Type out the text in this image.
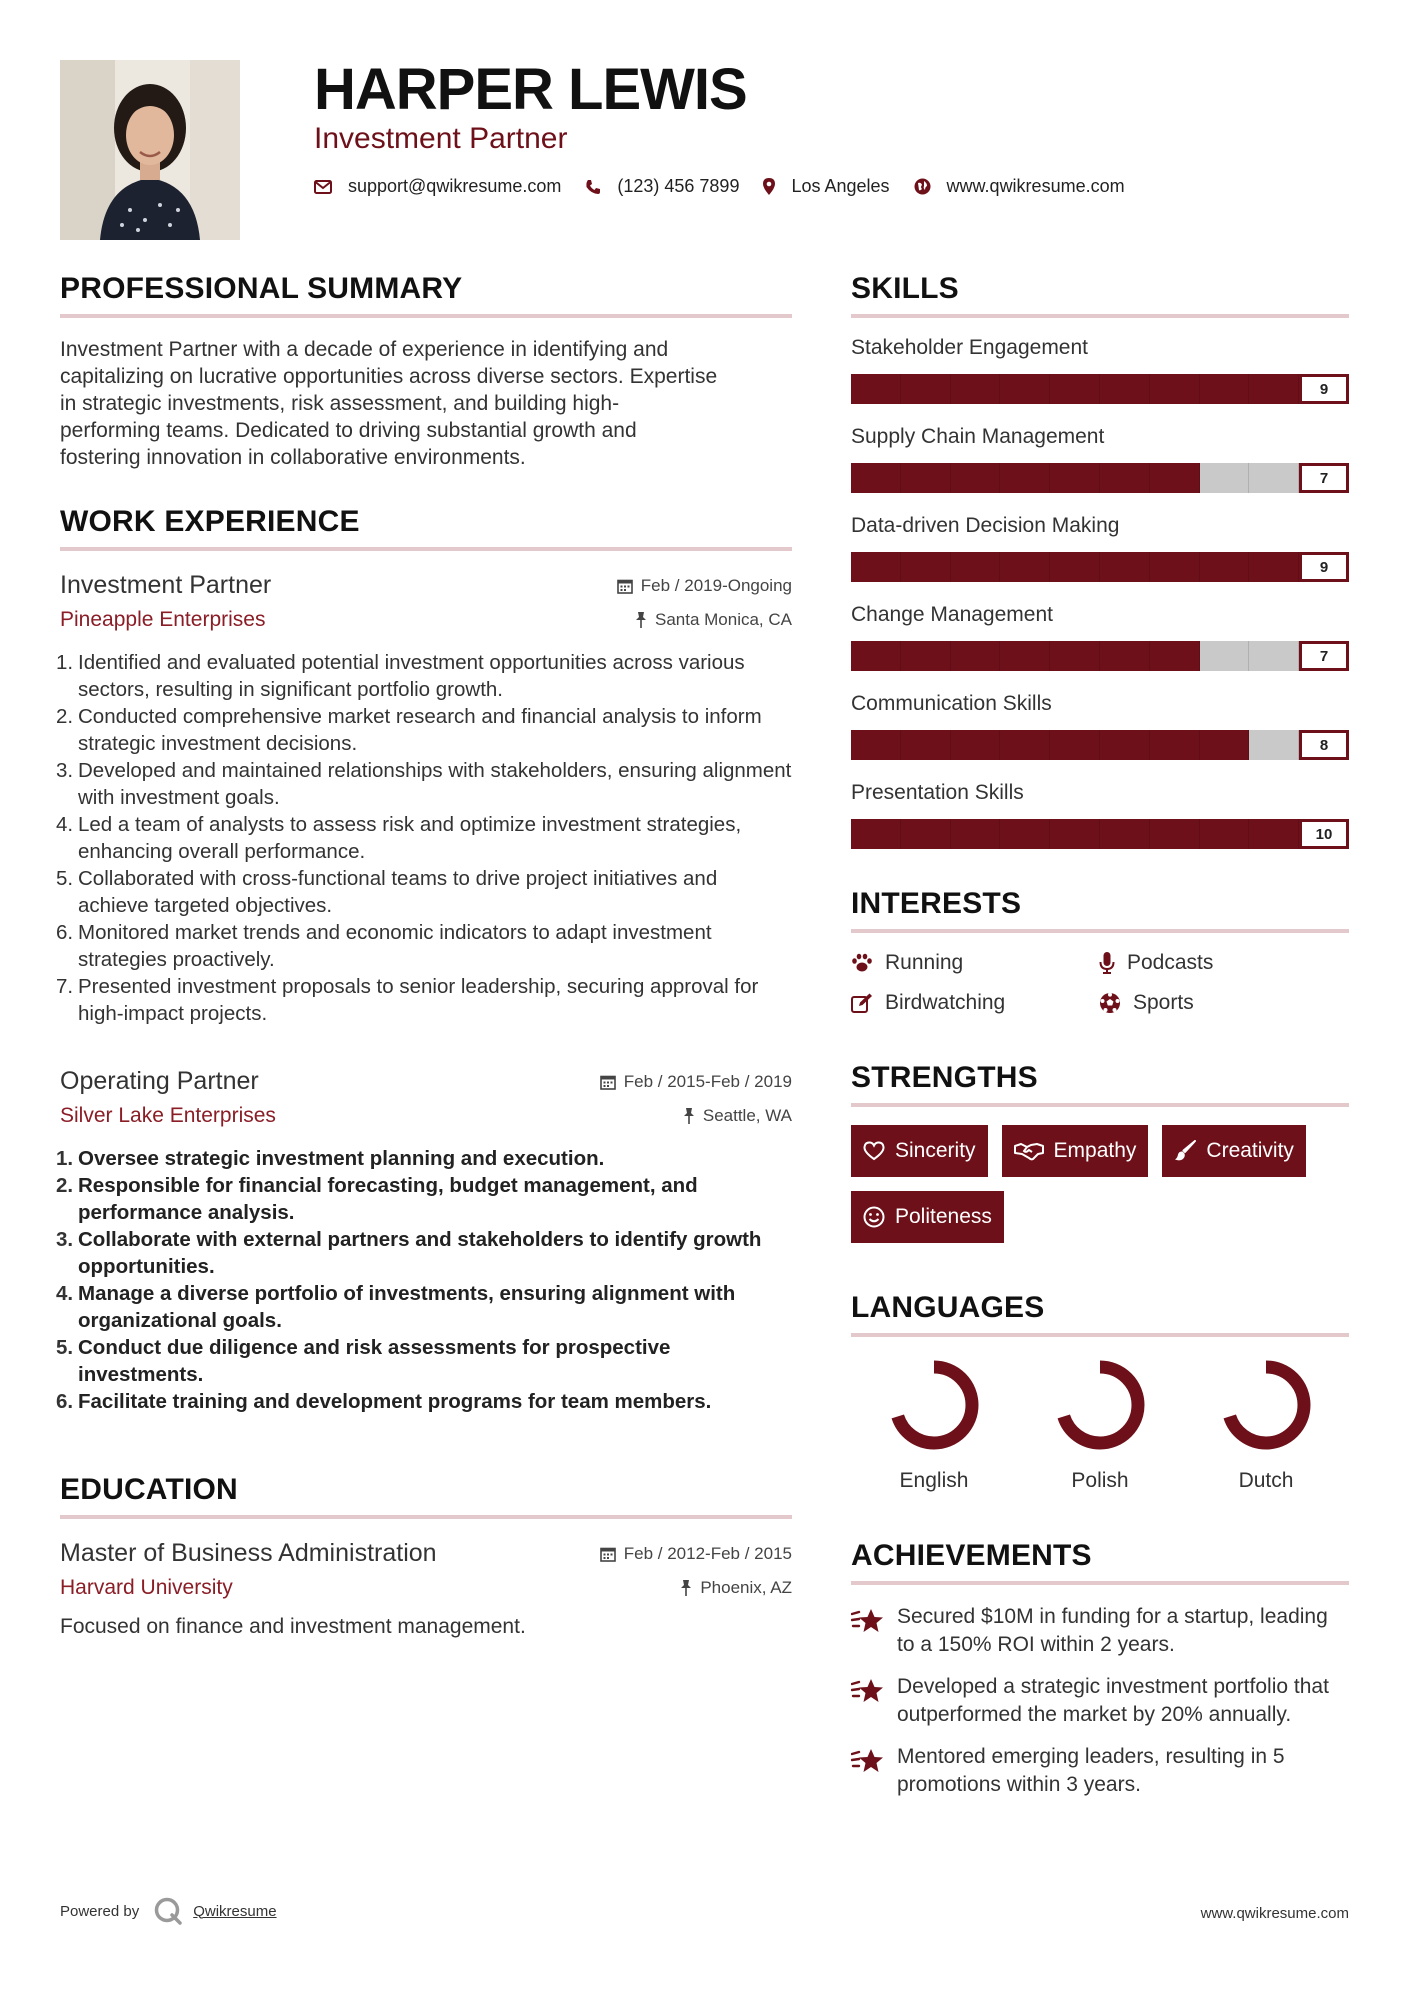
HARPER LEWIS
Investment Partner
support@qwikresume.com	(123) 456 7899	Los Angeles	www.qwikresume.com
PROFESSIONAL SUMMARY
Investment Partner with a decade of experience in identifying and
capitalizing on lucrative opportunities across diverse sectors. Expertise
in strategic investments, risk assessment, and building high-
performing teams. Dedicated to driving substantial growth and
fostering innovation in collaborative environments.
WORK EXPERIENCE
Investment Partner
Pineapple Enterprises
Feb / 2019-Ongoing
Santa Monica, CA
1. Identified and evaluated potential investment opportunities across various sectors, resulting in significant portfolio growth.
2. Conducted comprehensive market research and financial analysis to inform strategic investment decisions.
3. Developed and maintained relationships with stakeholders, ensuring alignment with investment goals.
4. Led a team of analysts to assess risk and optimize investment strategies, enhancing overall performance.
5. Collaborated with cross-functional teams to drive project initiatives and achieve targeted objectives.
6. Monitored market trends and economic indicators to adapt investment strategies proactively.
7. Presented investment proposals to senior leadership, securing approval for high-impact projects.
Operating Partner
Silver Lake Enterprises
Feb / 2015-Feb / 2019
Seattle, WA
1. Oversee strategic investment planning and execution.
2. Responsible for financial forecasting, budget management, and performance analysis.
3. Collaborate with external partners and stakeholders to identify growth opportunities.
4. Manage a diverse portfolio of investments, ensuring alignment with organizational goals.
5. Conduct due diligence and risk assessments for prospective investments.
6. Facilitate training and development programs for team members.
EDUCATION
Master of Business Administration
Harvard University
Feb / 2012-Feb / 2015
Phoenix, AZ
Focused on finance and investment management.
SKILLS
Stakeholder Engagement
9
Supply Chain Management
7
Data-driven Decision Making
9
Change Management
7
Communication Skills
8
Presentation Skills
10
INTERESTS
Running	Podcasts
Birdwatching	Sports
STRENGTHS
Sincerity	Empathy	Creativity
Politeness
LANGUAGES
English	Polish	Dutch
ACHIEVEMENTS
Secured $10M in funding for a startup, leading to a 150% ROI within 2 years.
Developed a strategic investment portfolio that outperformed the market by 20% annually.
Mentored emerging leaders, resulting in 5 promotions within 3 years.
Powered by	Qwikresume	www.qwikresume.com
